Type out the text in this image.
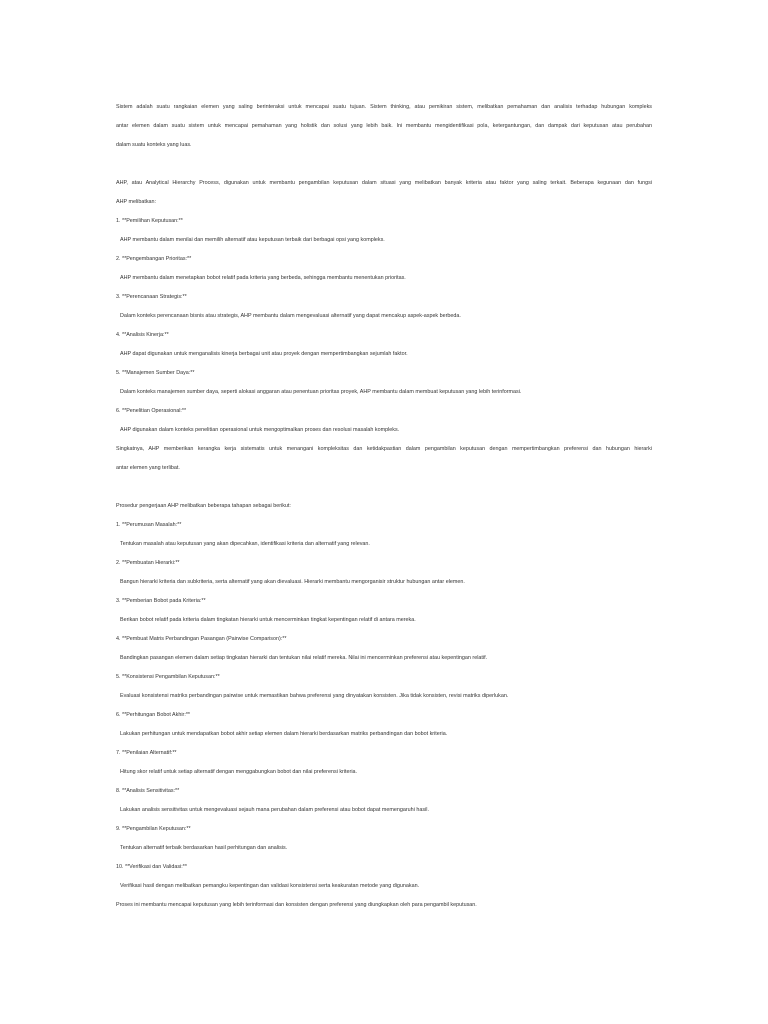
Sistem adalah suatu rangkaian elemen yang saling berinteraksi untuk mencapai suatu tujuan. Sistem thinking, atau pemikiran sistem, melibatkan pemahaman dan analisis terhadap hubungan kompleks

antar elemen dalam suatu sistem untuk mencapai pemahaman yang holistik dan solusi yang lebih baik. Ini membantu mengidentifikasi pola, ketergantungan, dan dampak dari keputusan atau perubahan

dalam suatu konteks yang luas.

AHP, atau Analytical Hierarchy Process, digunakan untuk membantu pengambilan keputusan dalam situasi yang melibatkan banyak kriteria atau faktor yang saling terkait. Beberapa kegunaan dan fungsi

AHP melibatkan:

1. **Pemilihan Keputusan:**

AHP membantu dalam menilai dan memilih alternatif atau keputusan terbaik dari berbagai opsi yang kompleks.

2. **Pengembangan Prioritas:**

AHP membantu dalam menetapkan bobot relatif pada kriteria yang berbeda, sehingga membantu menentukan prioritas.

3. **Perencanaan Strategis:**

Dalam konteks perencanaan bisnis atau strategis, AHP membantu dalam mengevaluasi alternatif yang dapat mencakup aspek-aspek berbeda.

4. **Analisis Kinerja:**

AHP dapat digunakan untuk menganalisis kinerja berbagai unit atau proyek dengan mempertimbangkan sejumlah faktor.

5. **Manajemen Sumber Daya:**

Dalam konteks manajemen sumber daya, seperti alokasi anggaran atau penentuan prioritas proyek, AHP membantu dalam membuat keputusan yang lebih terinformasi.

6. **Penelitian Operasional:**

AHP digunakan dalam konteks penelitian operasional untuk mengoptimalkan proses dan resolusi masalah kompleks.

Singkatnya, AHP memberikan kerangka kerja sistematis untuk menangani kompleksitas dan ketidakpastian dalam pengambilan keputusan dengan mempertimbangkan preferensi dan hubungan hierarki

antar elemen yang terlibat.

Prosedur pengerjaan AHP melibatkan beberapa tahapan sebagai berikut:

1. **Perumusan Masalah:**

Tentukan masalah atau keputusan yang akan dipecahkan, identifikasi kriteria dan alternatif yang relevan.

2. **Pembuatan Hierarki:**

Bangun hierarki kriteria dan subkriteria, serta alternatif yang akan dievaluasi. Hierarki membantu mengorganisir struktur hubungan antar elemen.

3. **Pemberian Bobot pada Kriteria:**

Berikan bobot relatif pada kriteria dalam tingkatan hierarki untuk mencerminkan tingkat kepentingan relatif di antara mereka.

4. **Pembuat Matris Perbandingan Pasangan (Pairwise Comparison):**

Bandingkan pasangan elemen dalam setiap tingkatan hierarki dan tentukan nilai relatif mereka. Nilai ini mencerminkan preferensi atau kepentingan relatif.

5. **Konsistensi Pengambilan Keputusan:**

Evaluasi konsistensi matriks perbandingan pairwise untuk memastikan bahwa preferensi yang dinyatakan konsisten. Jika tidak konsisten, revisi matriks diperlukan.

6. **Perhitungan Bobot Akhir:**

Lakukan perhitungan untuk mendapatkan bobot akhir setiap elemen dalam hierarki berdasarkan matriks perbandingan dan bobot kriteria.

7. **Penilaian Alternatif:**

Hitung skor relatif untuk setiap alternatif dengan menggabungkan bobot dan nilai preferensi kriteria.

8. **Analisis Sensitivitas:**

Lakukan analisis sensitivitas untuk mengevaluasi sejauh mana perubahan dalam preferensi atau bobot dapat memengaruhi hasil.

9. **Pengambilan Keputusan:**

Tentukan alternatif terbaik berdasarkan hasil perhitungan dan analisis.

10. **Verifikasi dan Validasi:**

Verifikasi hasil dengan melibatkan pemangku kepentingan dan validasi konsistensi serta keakuratan metode yang digunakan.

Proses ini membantu mencapai keputusan yang lebih terinformasi dan konsisten dengan preferensi yang diungkapkan oleh para pengambil keputusan.
